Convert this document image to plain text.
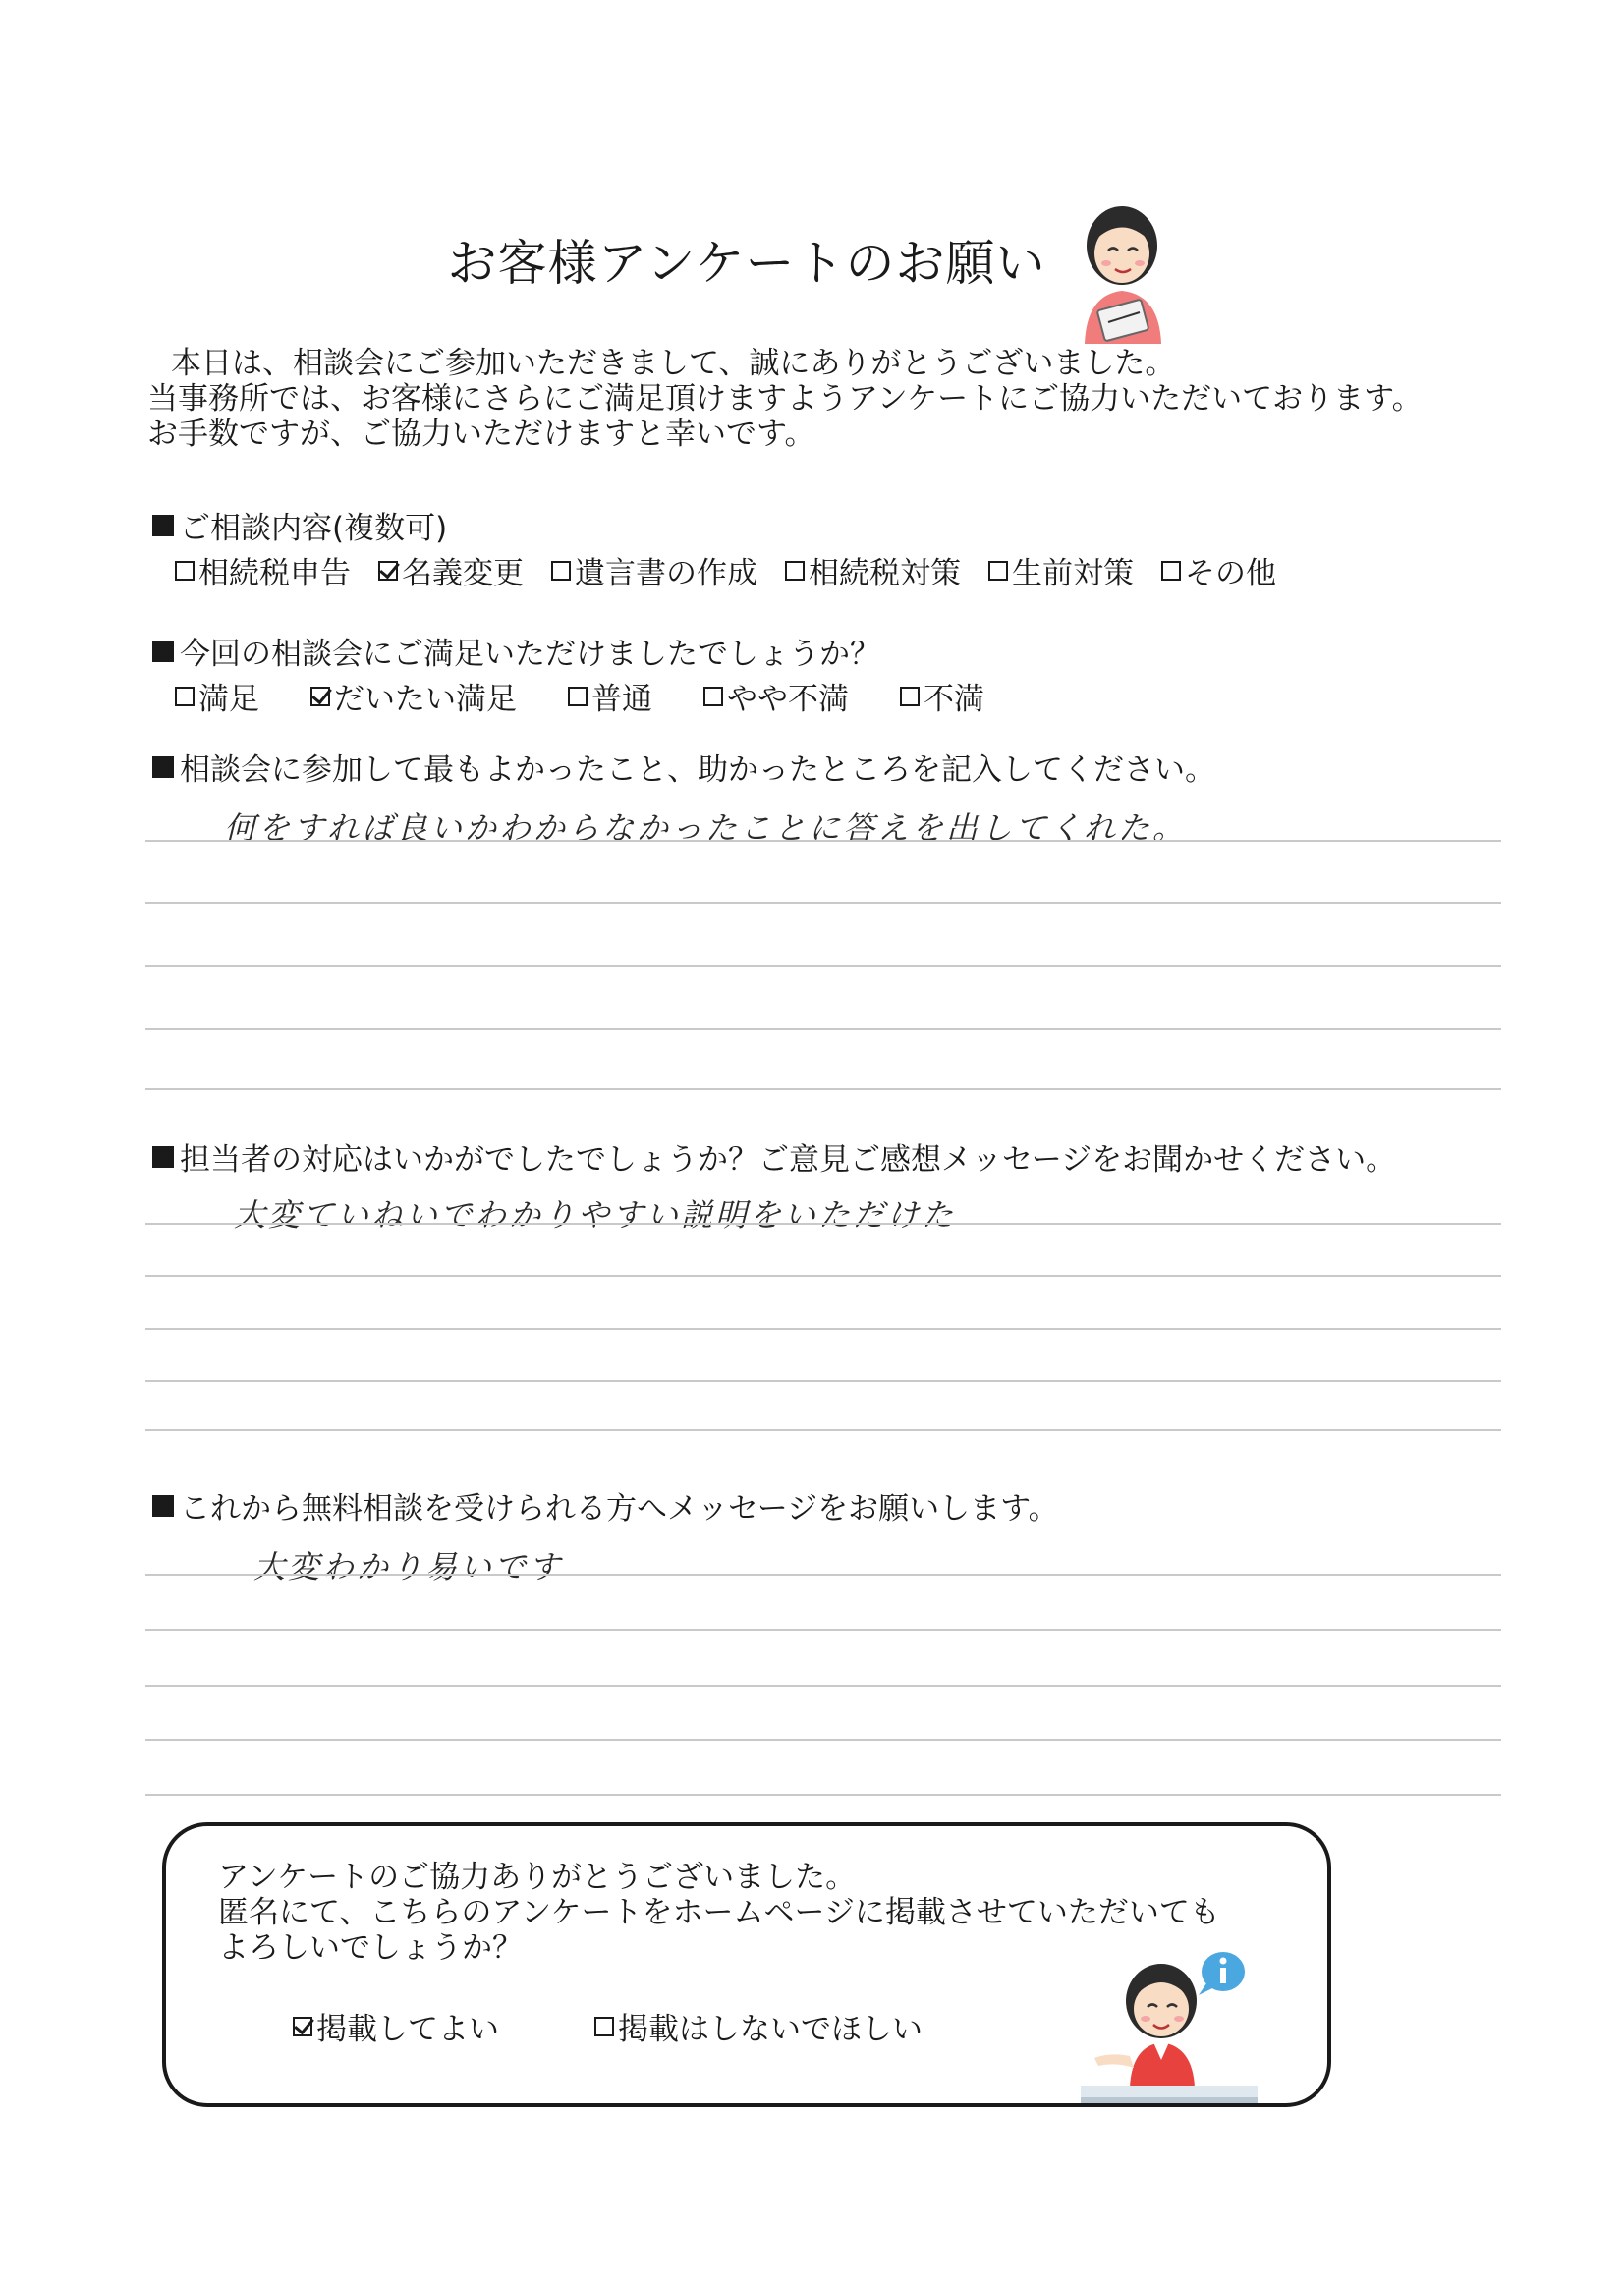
お客様アンケートのお願い
本日は、相談会にご参加いただきまして、誠にありがとうございました。
当事務所では、お客様にさらにご満足頂けますようアンケートにご協力いただいております。
お手数ですが、ご協力いただけますと幸いです。
ご相談内容(複数可)
相続税申告 名義変更 遺言書の作成 相続税対策 生前対策 その他
今回の相談会にご満足いただけましたでしょうか？
満足 だいたい満足 普通 やや不満 不満
相談会に参加して最もよかったこと、助かったところを記入してください。
何をすれば良いかわからなかったことに答えを出してくれた。
担当者の対応はいかがでしたでしょうか？ご意見ご感想メッセージをお聞かせください。
大変ていねいでわかりやすい説明をいただけた
これから無料相談を受けられる方へメッセージをお願いします。
大変わかり易いです
アンケートのご協力ありがとうございました。
匿名にて、こちらのアンケートをホームページに掲載させていただいても
よろしいでしょうか？
掲載してよい	掲載はしないでほしい
